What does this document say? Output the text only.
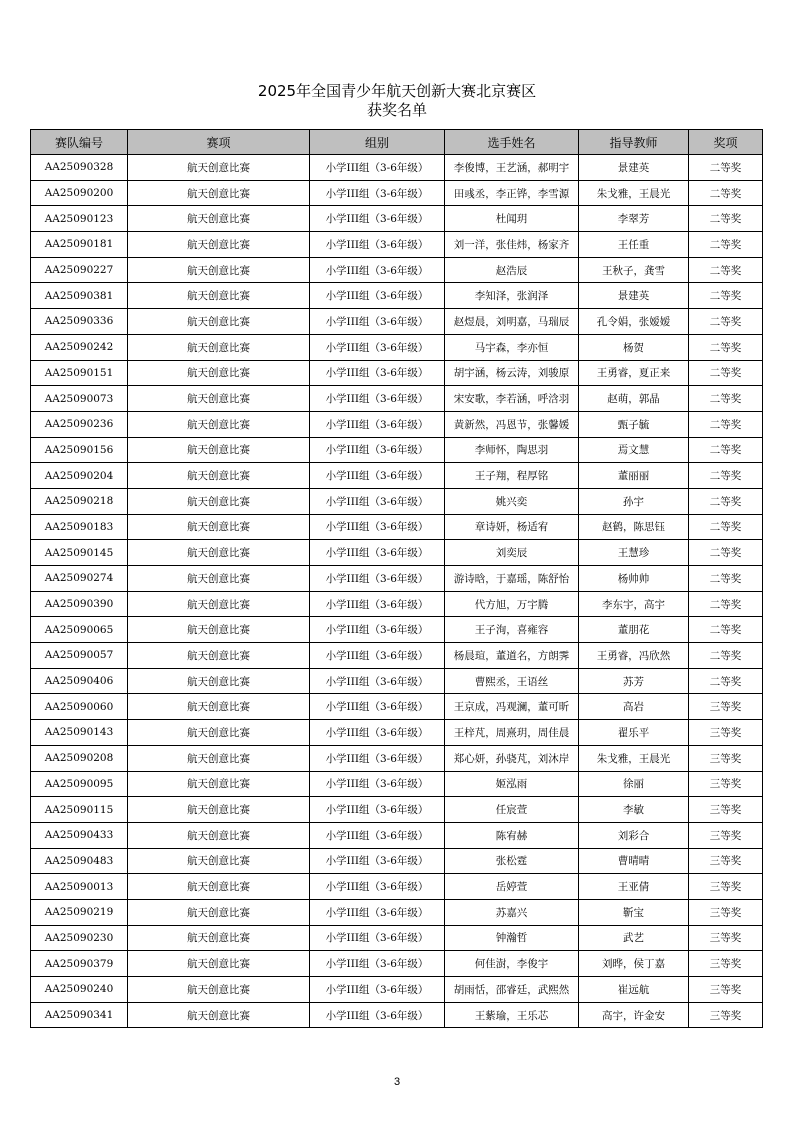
2025年全国青少年航天创新大赛北京赛区
获奖名单
赛队编号	赛项	组别	选手姓名	指导教师	奖项
AA25090328	航天创意比赛	小学III组（3-6年级）	李俊博，王艺涵，郝明宇	景建英	二等奖
AA25090200	航天创意比赛	小学III组（3-6年级）	田彧丞，李正铧，李雪源	朱戈雅，王晨光	二等奖
AA25090123	航天创意比赛	小学III组（3-6年级）	杜闻玥	李翠芳	二等奖
AA25090181	航天创意比赛	小学III组（3-6年级）	刘一洋，张佳炜，杨家齐	王任重	二等奖
AA25090227	航天创意比赛	小学III组（3-6年级）	赵浩辰	王秋子，龚雪	二等奖
AA25090381	航天创意比赛	小学III组（3-6年级）	李知泽，张润泽	景建英	二等奖
AA25090336	航天创意比赛	小学III组（3-6年级）	赵煜晨，刘明嘉，马瑞辰	孔令娟，张嫒嫒	二等奖
AA25090242	航天创意比赛	小学III组（3-6年级）	马宇森，李亦恒	杨贺	二等奖
AA25090151	航天创意比赛	小学III组（3-6年级）	胡宇涵，杨云涛，刘骏原	王勇睿，夏正来	二等奖
AA25090073	航天创意比赛	小学III组（3-6年级）	宋安歌，李若涵，呼浛羽	赵萌，郭晶	二等奖
AA25090236	航天创意比赛	小学III组（3-6年级）	黄新然，冯恩节，张馨媛	甄子毓	二等奖
AA25090156	航天创意比赛	小学III组（3-6年级）	李师怀，陶思羽	焉文慧	二等奖
AA25090204	航天创意比赛	小学III组（3-6年级）	王子翔，程厚铭	董丽丽	二等奖
AA25090218	航天创意比赛	小学III组（3-6年级）	姚兴奕	孙宇	二等奖
AA25090183	航天创意比赛	小学III组（3-6年级）	章诗妍，杨适宥	赵鹤，陈思钰	二等奖
AA25090145	航天创意比赛	小学III组（3-6年级）	刘奕辰	王慧珍	二等奖
AA25090274	航天创意比赛	小学III组（3-6年级）	游诗晗，于嘉瑶，陈舒怡	杨帅帅	二等奖
AA25090390	航天创意比赛	小学III组（3-6年级）	代方旭，万宇腾	李东宇，高宇	二等奖
AA25090065	航天创意比赛	小学III组（3-6年级）	王子洵，喜雍容	董朋花	二等奖
AA25090057	航天创意比赛	小学III组（3-6年级）	杨晨瑄，董道名，方朗霁	王勇睿，冯欣然	二等奖
AA25090406	航天创意比赛	小学III组（3-6年级）	曹熙丞，王语丝	苏芳	二等奖
AA25090060	航天创意比赛	小学III组（3-6年级）	王京成，冯观澜，董可昕	高岩	三等奖
AA25090143	航天创意比赛	小学III组（3-6年级）	王梓芃，周熹玥，周佳晨	翟乐平	三等奖
AA25090208	航天创意比赛	小学III组（3-6年级）	郑心妍，孙骁芃，刘沐岸	朱戈雅，王晨光	三等奖
AA25090095	航天创意比赛	小学III组（3-6年级）	姬泓雨	徐丽	三等奖
AA25090115	航天创意比赛	小学III组（3-6年级）	任宸萱	李敏	三等奖
AA25090433	航天创意比赛	小学III组（3-6年级）	陈宥赫	刘彩合	三等奖
AA25090483	航天创意比赛	小学III组（3-6年级）	张松霆	曹晴晴	三等奖
AA25090013	航天创意比赛	小学III组（3-6年级）	岳婷萱	王亚倩	三等奖
AA25090219	航天创意比赛	小学III组（3-6年级）	苏嘉兴	靳宝	三等奖
AA25090230	航天创意比赛	小学III组（3-6年级）	钟瀚哲	武艺	三等奖
AA25090379	航天创意比赛	小学III组（3-6年级）	何佳澍，李俊宇	刘晔，侯丁嘉	三等奖
AA25090240	航天创意比赛	小学III组（3-6年级）	胡雨恬，邵睿廷，武熙然	崔远航	三等奖
AA25090341	航天创意比赛	小学III组（3-6年级）	王紫瑜，王乐芯	高宇，许金安	三等奖
3
